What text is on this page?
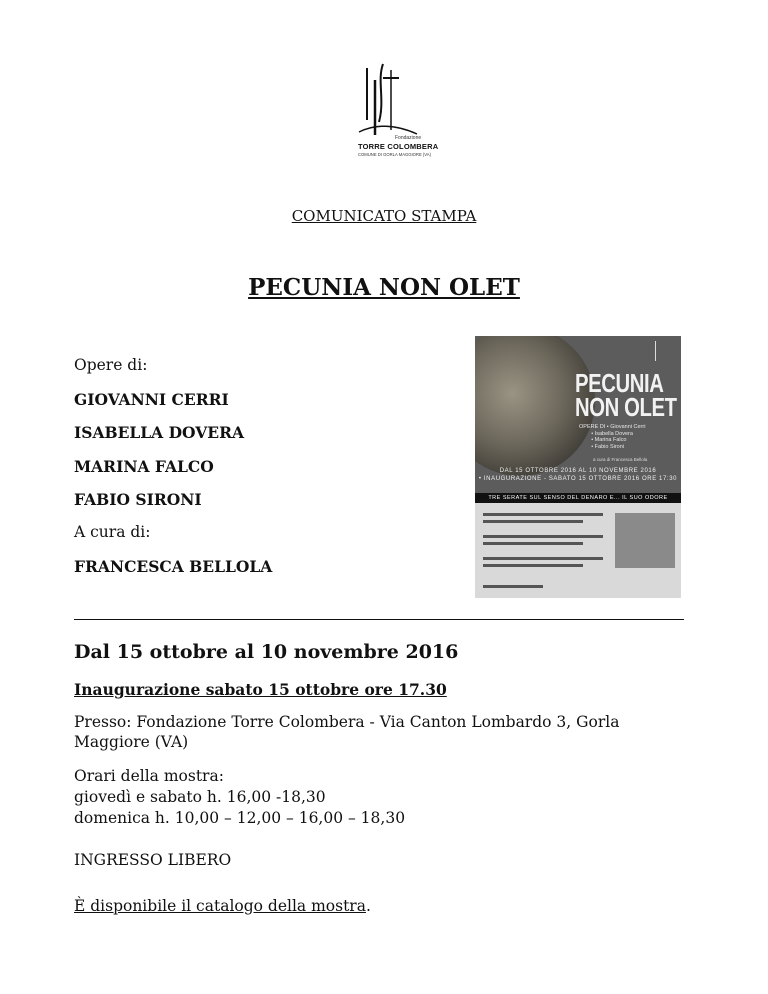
Fondazione
TORRE COLOMBERA
COMUNE DI GORLA MAGGIORE (VA)
COMUNICATO STAMPA
PECUNIA NON OLET
Opere di:
GIOVANNI CERRI
ISABELLA DOVERA
MARINA FALCO
FABIO SIRONI
A cura di:
FRANCESCA BELLOLA
PECUNIA
NON OLET
OPERE DI • Giovanni Cerri
• Isabella Dovera
• Marina Falco
• Fabio Sironi
a cura di Francesca Bellola
DAL 15 OTTOBRE 2016 AL 10 NOVEMBRE 2016
• INAUGURAZIONE - SABATO 15 OTTOBRE 2016 ORE 17:30
TRE SERATE SUL SENSO DEL DENARO E... IL SUO ODORE
Dal 15 ottobre al 10 novembre 2016
Inaugurazione sabato 15 ottobre ore 17.30
Presso: Fondazione Torre Colombera - Via Canton Lombardo 3, Gorla Maggiore (VA)
Orari della mostra:
giovedì e sabato h. 16,00 -18,30
domenica h. 10,00 – 12,00 – 16,00 – 18,30
INGRESSO LIBERO
È disponibile il catalogo della mostra.
